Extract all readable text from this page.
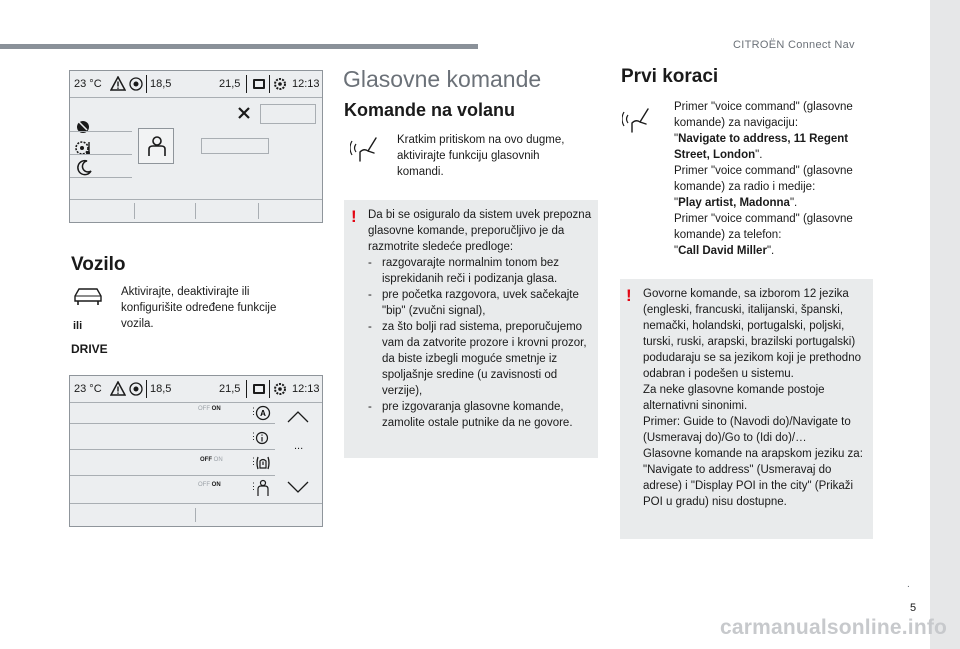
CITROËN Connect Nav
.
5
carmanualsonline.info
23 °C	18,5	21,5	12:13
23 °C	18,5	21,5	12:13
OFF ON	⋮ A
⋮
...
OFF ON	⋮
OFF ON	⋮
Vozilo
Aktivirajte, deaktivirajte ili konfigurišite određene funkcije vozila.
ili
DRIVE
Glasovne komande
Komande na volanu
Kratkim pritiskom na ovo dugme, aktivirajte funkciju glasovnih komandi.
! Da bi se osiguralo da sistem uvek prepozna glasovne komande, preporučljivo je da razmotrite sledeće predloge:
- razgovarajte normalnim tonom bez isprekidanih reči i podizanja glasa.
- pre početka razgovora, uvek sačekajte "bip" (zvučni signal),
- za što bolji rad sistema, preporučujemo vam da zatvorite prozore i krovni prozor, da biste izbegli moguće smetnje iz spoljašnje sredine (u zavisnosti od verzije),
- pre izgovaranja glasovne komande, zamolite ostale putnike da ne govore.
Prvi koraci
Primer "voice command" (glasovne komande) za navigaciju:
"Navigate to address, 11 Regent Street, London".
Primer "voice command" (glasovne komande) za radio i medije:
"Play artist, Madonna".
Primer "voice command" (glasovne komande) za telefon:
"Call David Miller".
! Govorne komande, sa izborom 12 jezika (engleski, francuski, italijanski, španski, nemački, holandski, portugalski, poljski, turski, ruski, arapski, brazilski portugalski) podudaraju se sa jezikom koji je prethodno odabran i podešen u sistemu.
Za neke glasovne komande postoje alternativni sinonimi.
Primer: Guide to (Navodi do)/Navigate to (Usmeravaj do)/Go to (Idi do)/…
Glasovne komande na arapskom jeziku za: "Navigate to address" (Usmeravaj do adrese) i "Display POI in the city" (Prikaži POI u gradu) nisu dostupne.
